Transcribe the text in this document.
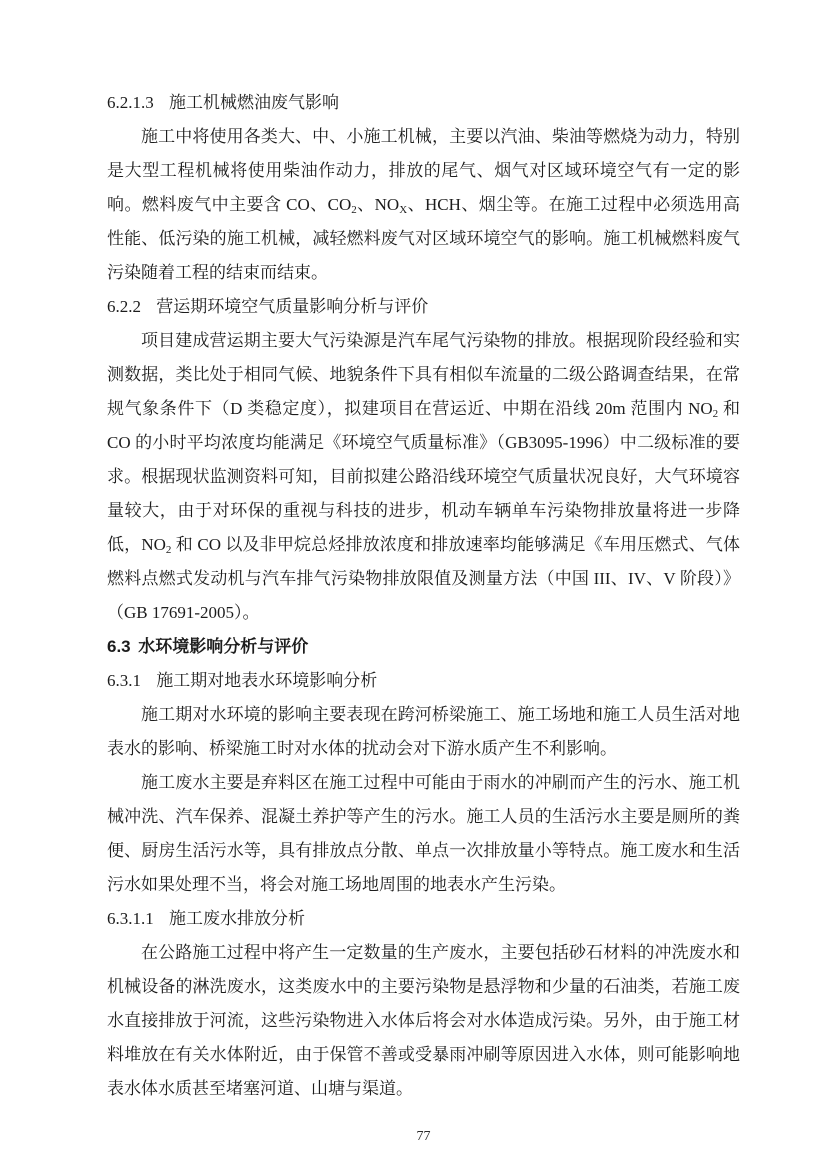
6.2.1.3 施工机械燃油废气影响

施工中将使用各类大、中、小施工机械，主要以汽油、柴油等燃烧为动力，特别是大型工程机械将使用柴油作动力，排放的尾气、烟气对区域环境空气有一定的影响。燃料废气中主要含 CO、$CO_2$、$NO_X$、HCH、烟尘等。在施工过程中必须选用高性能、低污染的施工机械，减轻燃料废气对区域环境空气的影响。施工机械燃料废气污染随着工程的结束而结束。

6.2.2 营运期环境空气质量影响分析与评价

项目建成营运期主要大气污染源是汽车尾气污染物的排放。根据现阶段经验和实测数据，类比处于相同气候、地貌条件下具有相似车流量的二级公路调查结果，在常规气象条件下（D 类稳定度），拟建项目在营运近、中期在沿线 20m 范围内 $NO_2$ 和 CO 的小时平均浓度均能满足《环境空气质量标准》（GB3095-1996）中二级标准的要求。根据现状监测资料可知，目前拟建公路沿线环境空气质量状况良好，大气环境容量较大，由于对环保的重视与科技的进步，机动车辆单车污染物排放量将进一步降低，$NO_2$ 和 CO 以及非甲烷总烃排放浓度和排放速率均能够满足《车用压燃式、气体燃料点燃式发动机与汽车排气污染物排放限值及测量方法（中国 III、IV、V 阶段）》（GB 17691-2005）。

6.3 水环境影响分析与评价
6.3.1 施工期对地表水环境影响分析

施工期对水环境的影响主要表现在跨河桥梁施工、施工场地和施工人员生活对地表水的影响、桥梁施工时对水体的扰动会对下游水质产生不利影响。

施工废水主要是弃料区在施工过程中可能由于雨水的冲刷而产生的污水、施工机械冲洗、汽车保养、混凝土养护等产生的污水。施工人员的生活污水主要是厕所的粪便、厨房生活污水等，具有排放点分散、单点一次排放量小等特点。施工废水和生活污水如果处理不当，将会对施工场地周围的地表水产生污染。

6.3.1.1 施工废水排放分析

在公路施工过程中将产生一定数量的生产废水，主要包括砂石材料的冲洗废水和机械设备的淋洗废水，这类废水中的主要污染物是悬浮物和少量的石油类，若施工废水直接排放于河流，这些污染物进入水体后将会对水体造成污染。另外，由于施工材料堆放在有关水体附近，由于保管不善或受暴雨冲刷等原因进入水体，则可能影响地表水体水质甚至堵塞河道、山塘与渠道。

77
